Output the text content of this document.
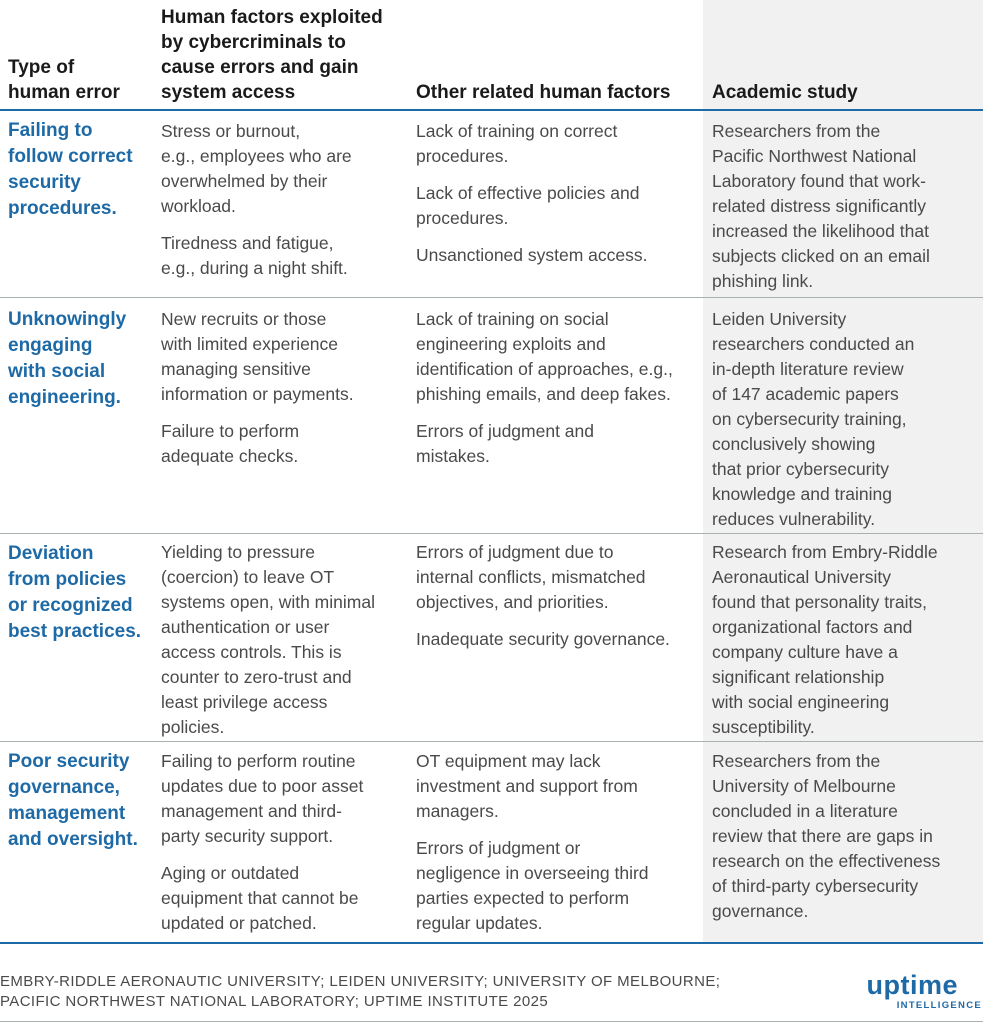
Type of
human error
Human factors exploited
by cybercriminals to
cause errors and gain
system access	Other related human factors	Academic study
Failing to
follow correct
security
procedures.

Stress or burnout,
e.g., employees who are
overwhelmed by their
workload.

Tiredness and fatigue,
e.g., during a night shift.

Lack of training on correct
procedures.

Lack of effective policies and
procedures.

Unsanctioned system access.

Researchers from the
Pacific Northwest National
Laboratory found that work-
related distress significantly
increased the likelihood that
subjects clicked on an email
phishing link.

Unknowingly
engaging
with social
engineering.

New recruits or those
with limited experience
managing sensitive
information or payments.

Failure to perform
adequate checks.

Lack of training on social
engineering exploits and
identification of approaches, e.g.,
phishing emails, and deep fakes.

Errors of judgment and
mistakes.

Leiden University
researchers conducted an
in-depth literature review
of 147 academic papers
on cybersecurity training,
conclusively showing
that prior cybersecurity
knowledge and training
reduces vulnerability.

Deviation
from policies
or recognized
best practices.

Yielding to pressure
(coercion) to leave OT
systems open, with minimal
authentication or user
access controls. This is
counter to zero-trust and
least privilege access
policies.

Errors of judgment due to
internal conflicts, mismatched
objectives, and priorities.

Inadequate security governance.

Research from Embry-Riddle
Aeronautical University
found that personality traits,
organizational factors and
company culture have a
significant relationship
with social engineering
susceptibility.

Poor security
governance,
management
and oversight.

Failing to perform routine
updates due to poor asset
management and third-
party security support.

Aging or outdated
equipment that cannot be
updated or patched.

OT equipment may lack
investment and support from
managers.

Errors of judgment or
negligence in overseeing third
parties expected to perform
regular updates.

Researchers from the
University of Melbourne
concluded in a literature
review that there are gaps in
research on the effectiveness
of third-party cybersecurity
governance.

EMBRY-RIDDLE AERONAUTIC UNIVERSITY; LEIDEN UNIVERSITY; UNIVERSITY OF MELBOURNE;
PACIFIC NORTHWEST NATIONAL LABORATORY; UPTIME INSTITUTE 2025
uptime
INTELLIGENCE
